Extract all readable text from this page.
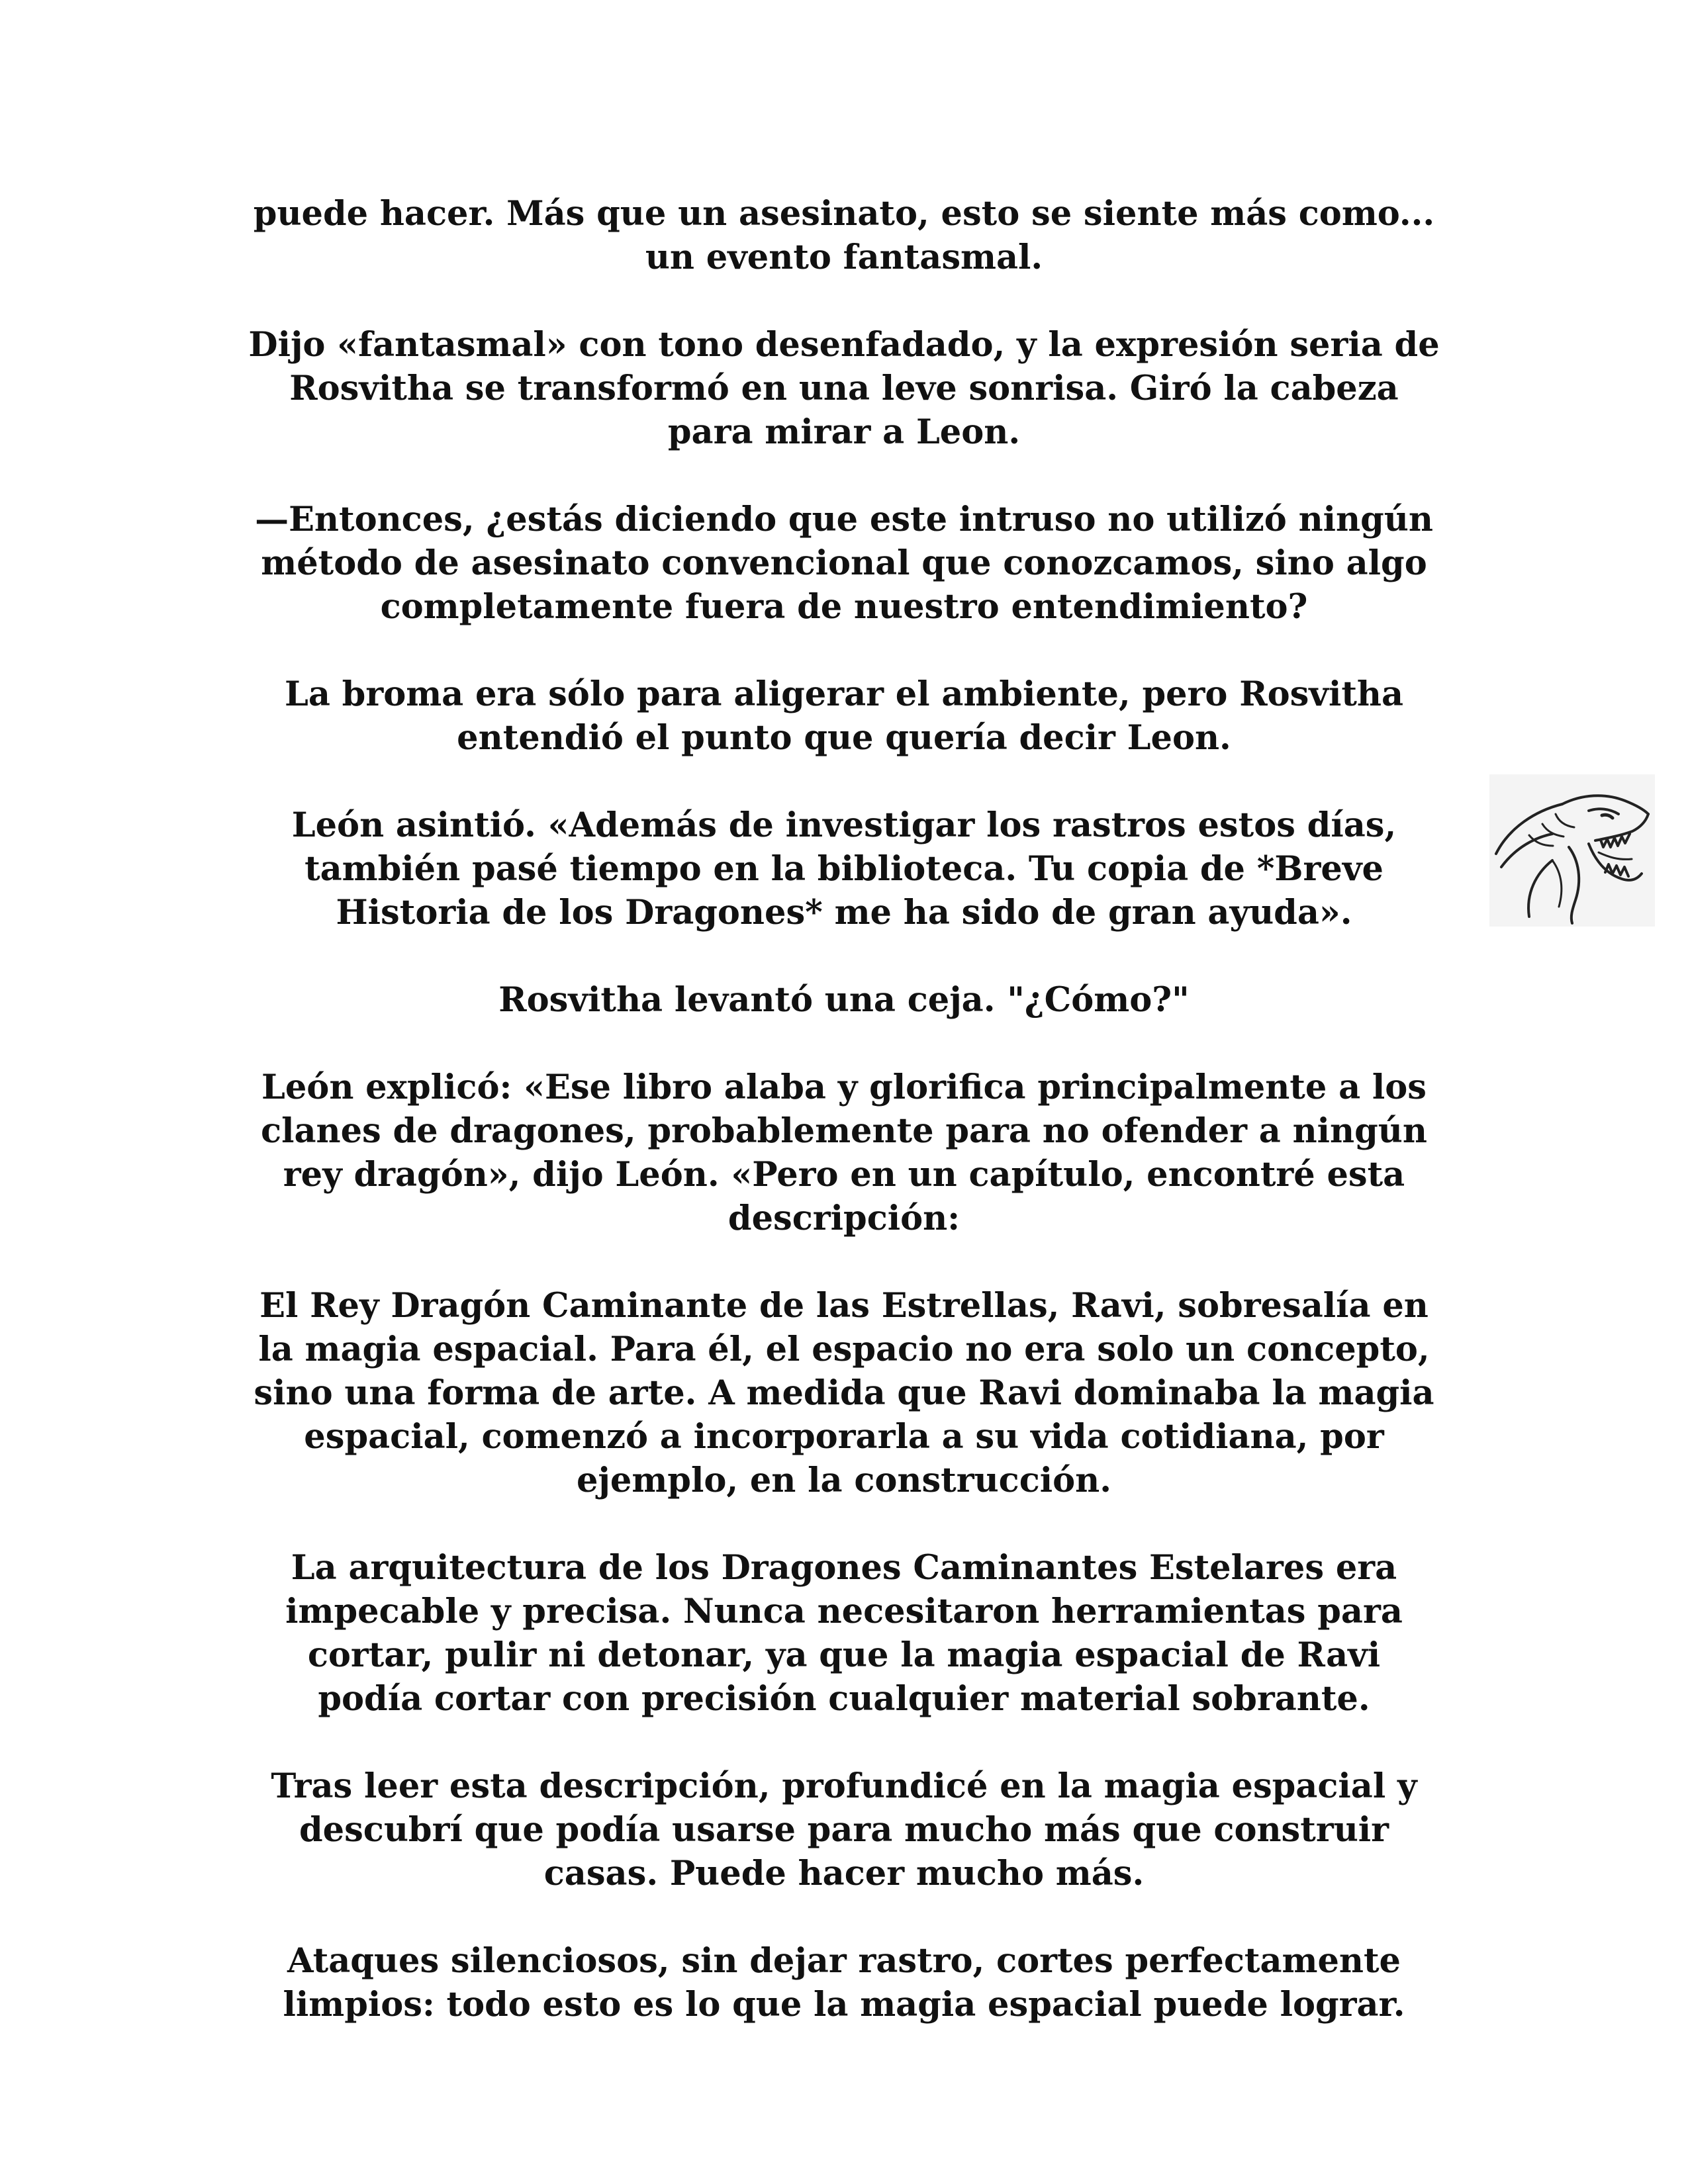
puede hacer. Más que un asesinato, esto se siente más como...
un evento fantasmal.

Dijo «fantasmal» con tono desenfadado, y la expresión seria de
Rosvitha se transformó en una leve sonrisa. Giró la cabeza
para mirar a Leon.

—Entonces, ¿estás diciendo que este intruso no utilizó ningún
método de asesinato convencional que conozcamos, sino algo
completamente fuera de nuestro entendimiento?

La broma era sólo para aligerar el ambiente, pero Rosvitha
entendió el punto que quería decir Leon.

León asintió. «Además de investigar los rastros estos días,
también pasé tiempo en la biblioteca. Tu copia de *Breve
Historia de los Dragones* me ha sido de gran ayuda».

Rosvitha levantó una ceja. "¿Cómo?"

León explicó: «Ese libro alaba y glorifica principalmente a los
clanes de dragones, probablemente para no ofender a ningún
rey dragón», dijo León. «Pero en un capítulo, encontré esta
descripción:

El Rey Dragón Caminante de las Estrellas, Ravi, sobresalía en
la magia espacial. Para él, el espacio no era solo un concepto,
sino una forma de arte. A medida que Ravi dominaba la magia
espacial, comenzó a incorporarla a su vida cotidiana, por
ejemplo, en la construcción.

La arquitectura de los Dragones Caminantes Estelares era
impecable y precisa. Nunca necesitaron herramientas para
cortar, pulir ni detonar, ya que la magia espacial de Ravi
podía cortar con precisión cualquier material sobrante.

Tras leer esta descripción, profundicé en la magia espacial y
descubrí que podía usarse para mucho más que construir
casas. Puede hacer mucho más.

Ataques silenciosos, sin dejar rastro, cortes perfectamente
limpios: todo esto es lo que la magia espacial puede lograr.
